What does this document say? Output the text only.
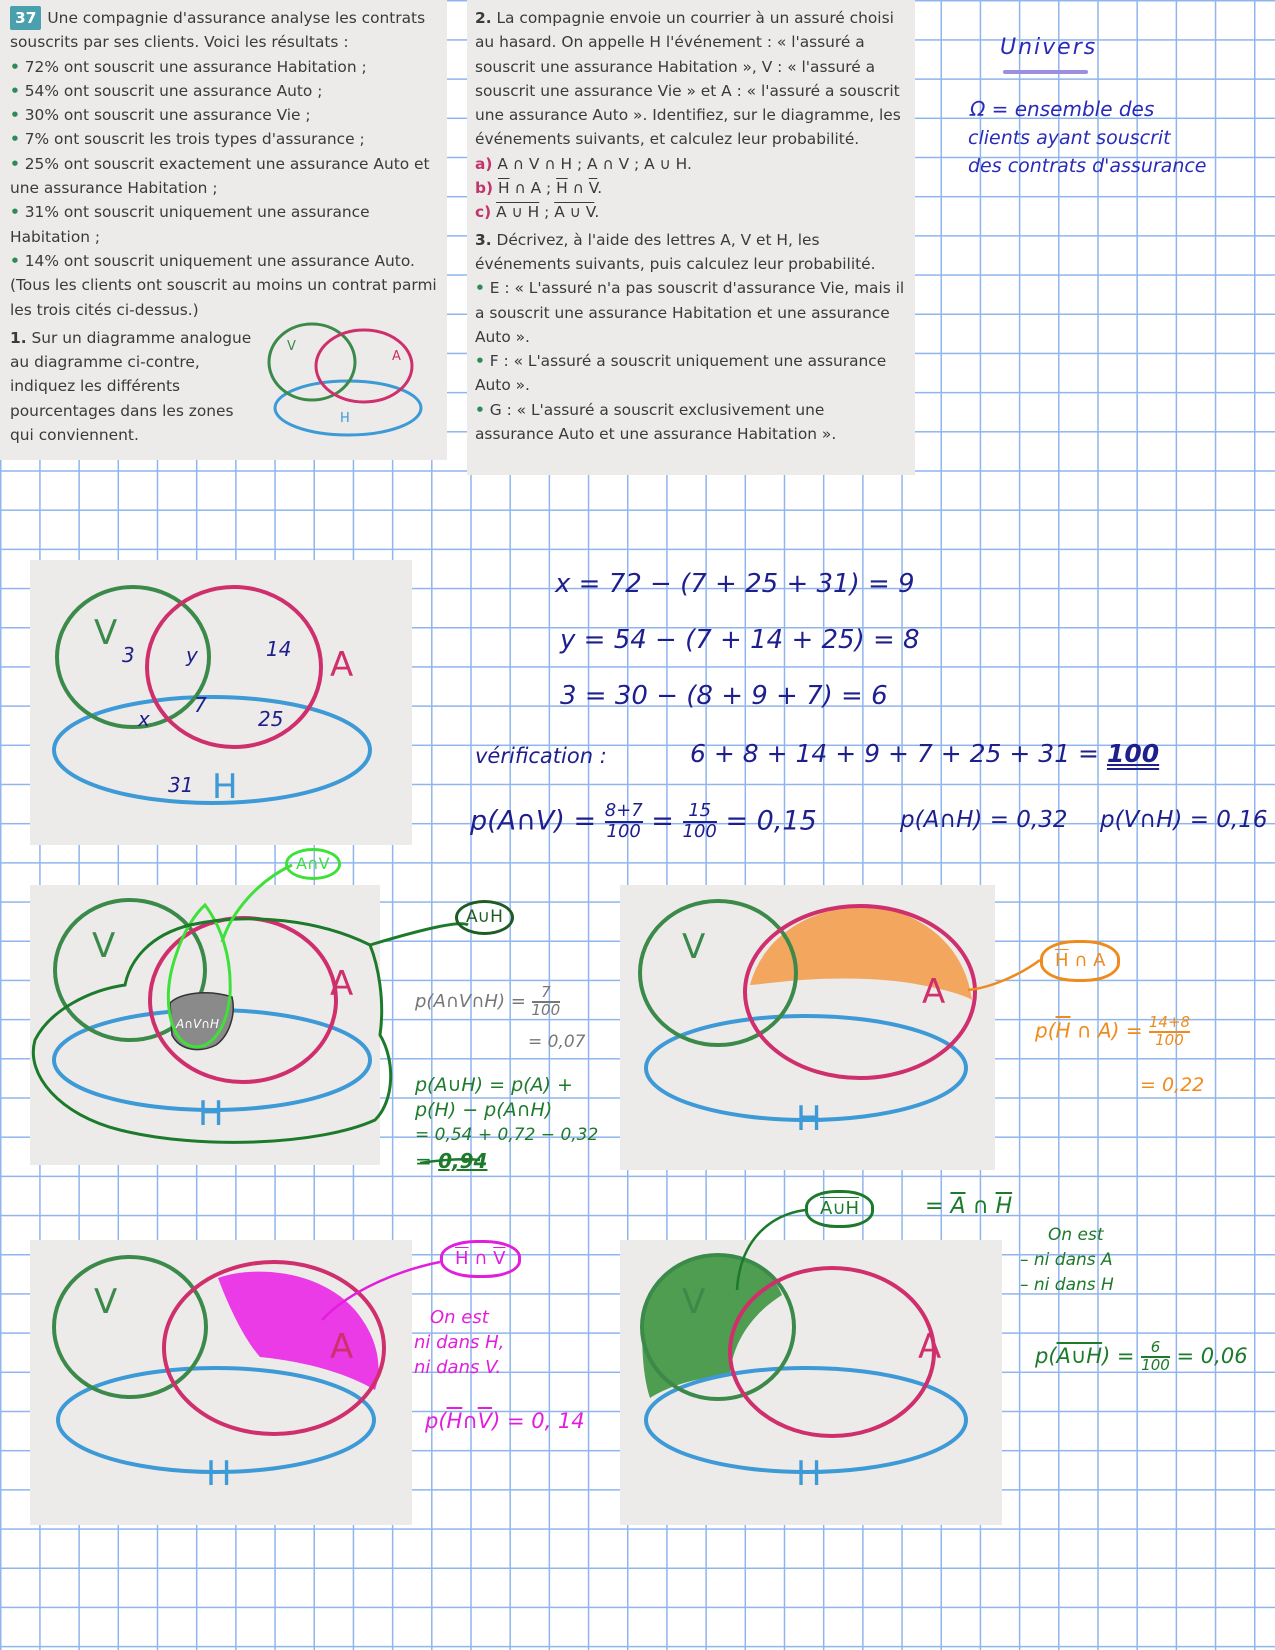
37 Une compagnie d'assurance analyse les contrats souscrits par ses clients. Voici les résultats :

• 72% ont souscrit une assurance Habitation ;

• 54% ont souscrit une assurance Auto ;

• 30% ont souscrit une assurance Vie ;

• 7% ont souscrit les trois types d'assurance ;

• 25% ont souscrit exactement une assurance Auto et une assurance Habitation ;

• 31% ont souscrit uniquement une assurance Habitation ;

• 14% ont souscrit uniquement une assurance Auto.

(Tous les clients ont souscrit au moins un contrat parmi les trois cités ci-dessus.)

1. Sur un diagramme analogue au diagramme ci-contre, indiquez les différents pourcentages dans les zones qui conviennent.

V
A
H

2. La compagnie envoie un courrier à un assuré choisi au hasard. On appelle H l'événement : « l'assuré a souscrit une assurance Habitation », V : « l'assuré a souscrit une assurance Vie » et A : « l'assuré a souscrit une assurance Auto ». Identifiez, sur le diagramme, les événements suivants, et calculez leur probabilité.

a) A ∩ V ∩ H ; A ∩ V ; A ∪ H.

b) $\overline{H}$ ∩ A ; $\overline{H}$ ∩ $\overline{V}$.

c) A ∪ H ; A ∪ V.

3. Décrivez, à l'aide des lettres A, V et H, les événements suivants, puis calculez leur probabilité.

• E : « L'assuré n'a pas souscrit d'assurance Vie, mais il a souscrit une assurance Habitation et une assurance Auto ».

• F : « L'assuré a souscrit uniquement une assurance Auto ».

• G : « L'assuré a souscrit exclusivement une assurance Auto et une assurance Habitation ».

Univers
Ω = ensemble des
clients ayant souscrit
des contrats d'assurance
V
A
H
3	y	14
x
7
25
31
x = 72 − (7 + 25 + 31) = 9
y = 54 − (7 + 14 + 25) = 8
3 = 30 − (8 + 9 + 7) = 6
vérification :	6 + 8 + 14 + 9 + 7 + 25 + 31 = 100
p(A∩V) = $\frac{8+7}{100} = \frac{15}{100} = 0,15$	p(A∩H) = 0,32 p(V∩H) = 0,16
V
A
H
A∩V∩H
A∩V
A∪H
p(A∩V∩H) = $\frac{7}{100}$
= 0,07
p(A∪H) = p(A) +
p(H) − p(A∩H)
= 0,54 + 0,72 − 0,32
= 0,94
V
A
H
$\overline{H}$ ∩ A
$p(\overline{H}$ ∩ $A) = \frac{14+8}{100}$
= 0,22
V
A
H
$\overline{H}$ ∩ $\overline{V}$
On est
ni dans H,
ni dans V.
$p(\overline{H}\cap\overline{V}) = 0$, 14
V
A
H
A∪H	= $\overline{A}$ ∩ $\overline{H}$
On est
– ni dans A
– ni dans H
p(A∪H) = $\frac{6}{100} = 0,06$
